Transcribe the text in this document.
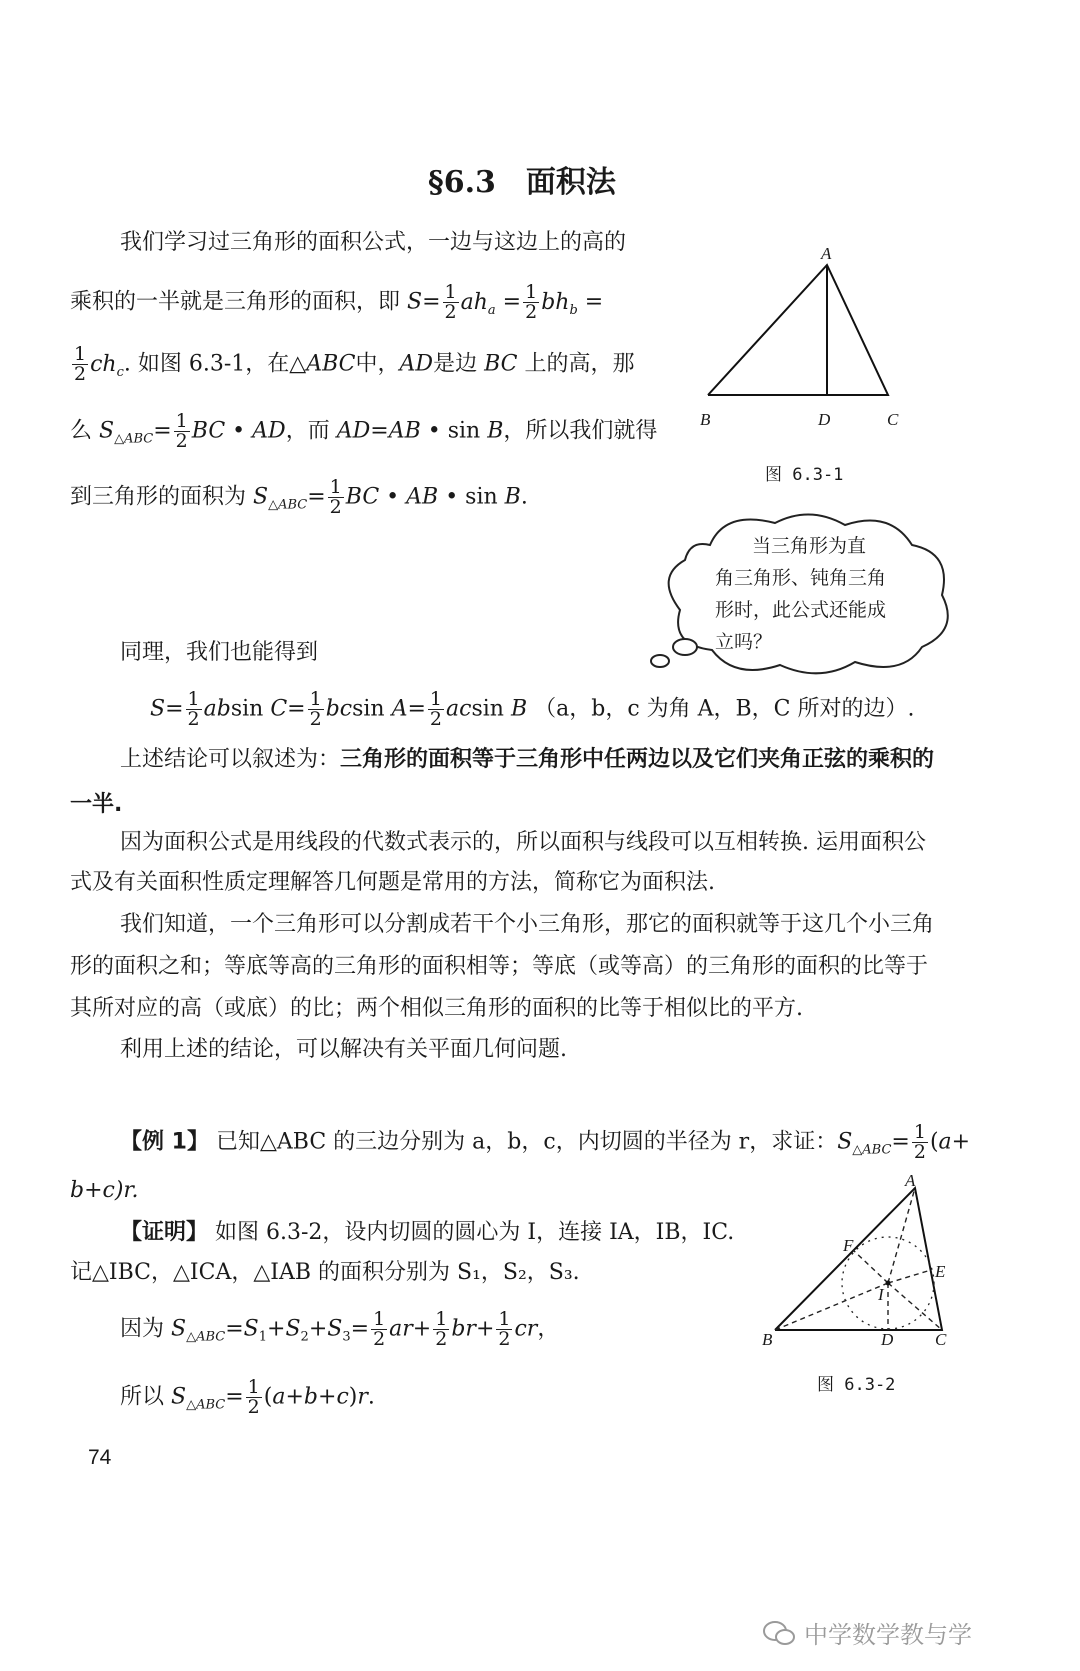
§6.3　面积法
我们学习过三角形的面积公式，一边与这边上的高的
乘积的一半就是三角形的面积，即 $S= \frac{1}{2} ah_a = \frac{1}{2} bh_b$ =
$\frac{1}{2} ch_c$. 如图 6.3-1，在△ABC中，AD是边 BC 上的高，那
么 $S_{\triangle ABC}= \frac{1}{2}$ BC • AD，而 AD=AB • sin B，所以我们就得
到三角形的面积为 $S_{\triangle ABC}= \frac{1}{2}$ BC • AB • sin B.
A
B	D	C
图 6.3-1
当三角形为直
角三角形、钝角三角
形时，此公式还能成
立吗？
同理，我们也能得到
$S= \frac{1}{2}$ absin $C= \frac{1}{2}$ bcsin $A= \frac{1}{2}$ acsin B （a，b，c 为角 A，B，C 所对的边）.
上述结论可以叙述为：三角形的面积等于三角形中任两边以及它们夹角正弦的乘积的
一半.
因为面积公式是用线段的代数式表示的，所以面积与线段可以互相转换. 运用面积公
式及有关面积性质定理解答几何题是常用的方法，简称它为面积法.
我们知道，一个三角形可以分割成若干个小三角形，那它的面积就等于这几个小三角
形的面积之和；等底等高的三角形的面积相等；等底（或等高）的三角形的面积的比等于
其所对应的高（或底）的比；两个相似三角形的面积的比等于相似比的平方.
利用上述的结论，可以解决有关平面几何问题.
【例 1】 已知△ABC 的三边分别为 a，b，c，内切圆的半径为 r，求证：$S_{\triangle ABC}= \frac{1}{2} (a+$
b+c)r.
【证明】 如图 6.3-2，设内切圆的圆心为 I，连接 IA，IB，IC.
记△IBC，△ICA，△IAB 的面积分别为 S₁，S₂，S₃.
因为 $S_{\triangle ABC}=S_1+S_2+S_3= \frac{1}{2} ar+ \frac{1}{2} br+ \frac{1}{2}$ cr，
所以 $S_{\triangle ABC}= \frac{1}{2} (a+b+c)r$.
A
F
E
I
B	D C
图 6.3-2
74
中学数学教与学
